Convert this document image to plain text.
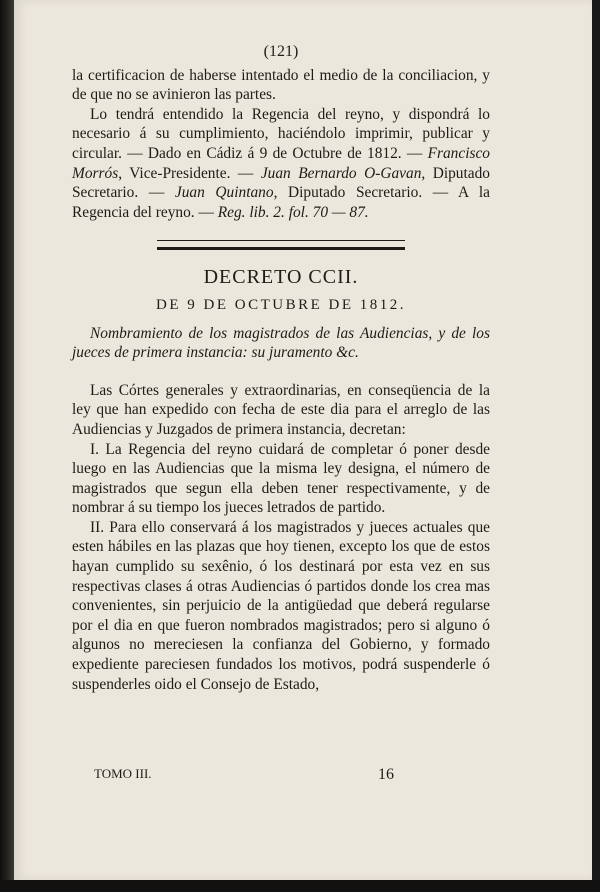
(121)

la certificacion de haberse intentado el medio de la conciliacion, y de que no se avinieron las partes.

Lo tendrá entendido la Regencia del reyno, y dispondrá lo necesario á su cumplimiento, haciéndolo imprimir, publicar y circular. — Dado en Cádiz á 9 de Octubre de 1812. — Francisco Morrós, Vice-Presidente. — Juan Bernardo O-Gavan, Diputado Secretario. — Juan Quintano, Diputado Secretario. — A la Regencia del reyno. — Reg. lib. 2. fol. 70 — 87.

DECRETO CCII.
DE 9 DE OCTUBRE DE 1812.

Nombramiento de los magistrados de las Audiencias, y de los jueces de primera instancia: su juramento &c.

Las Córtes generales y extraordinarias, en conseqüencia de la ley que han expedido con fecha de este dia para el arreglo de las Audiencias y Juzgados de primera instancia, decretan:

I. La Regencia del reyno cuidará de completar ó poner desde luego en las Audiencias que la misma ley designa, el número de magistrados que segun ella deben tener respectivamente, y de nombrar á su tiempo los jueces letrados de partido.

II. Para ello conservará á los magistrados y jueces actuales que esten hábiles en las plazas que hoy tienen, excepto los que de estos hayan cumplido su sexênio, ó los destinará por esta vez en sus respectivas clases á otras Audiencias ó partidos donde los crea mas convenientes, sin perjuicio de la antigüedad que deberá regularse por el dia en que fueron nombrados magistrados; pero si alguno ó algunos no mereciesen la confianza del Gobierno, y formado expediente pareciesen fundados los motivos, podrá suspenderle ó suspenderles oido el Consejo de Estado,

TOMO III.	16
